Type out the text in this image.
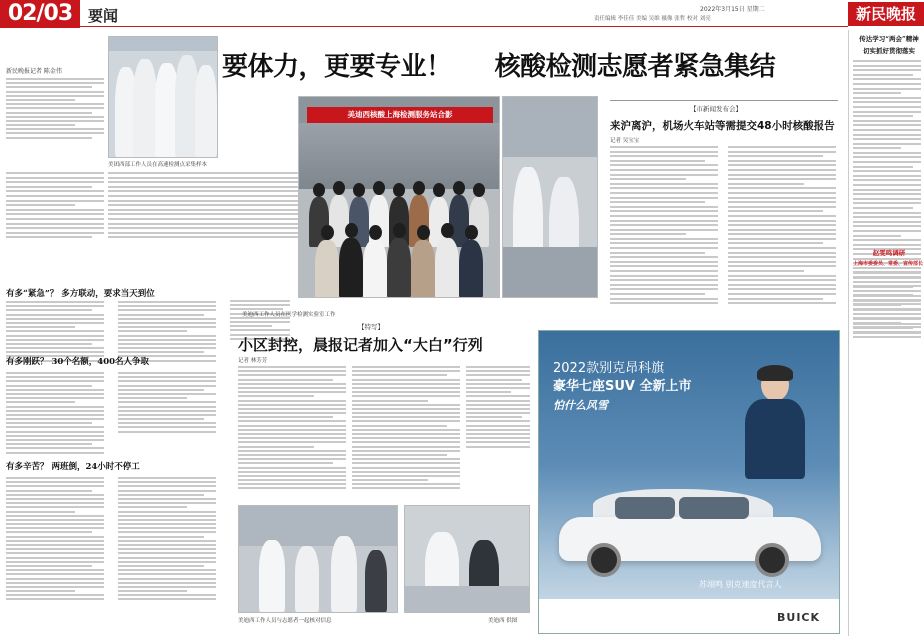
02/03	要闻	2022年3月15日 星期二
责任编辑 李佳佳 美编 吴维 摄像 张哲 校对 刘亮	新民晚报
新民晚报记者 陈金伟
美团西部工作人员在高速检测点采集样本
要体力，更要专业！ 核酸检测志愿者紧急集结
美迪西核酸上海检测服务站合影
有多“紧急”？ 多方联动，要求当天到位
有多刚跃？ 30个名额，400名人争取
有多辛苦？ 两班倒，24小时不停工
美迪西工作人员在医学检测实验室工作
【特写】
小区封控，晨报记者加入“大白”行列
记者 林芳芳
美迪西工作人员与志愿者一起核对信息	美迪西 供图
【市新闻发布会】
来沪离沪，机场火车站等需提交48小时核酸报告
记者 吴宝宝
2022款别克昂科旗
豪华七座SUV 全新上市
怕什么风雪
苏翊鸣 别克速度代言人
BUICK
传达学习“两会”精神
切实抓好贯彻落实
赵雯鸣调研
上海市委委员、常委、宣传部长
